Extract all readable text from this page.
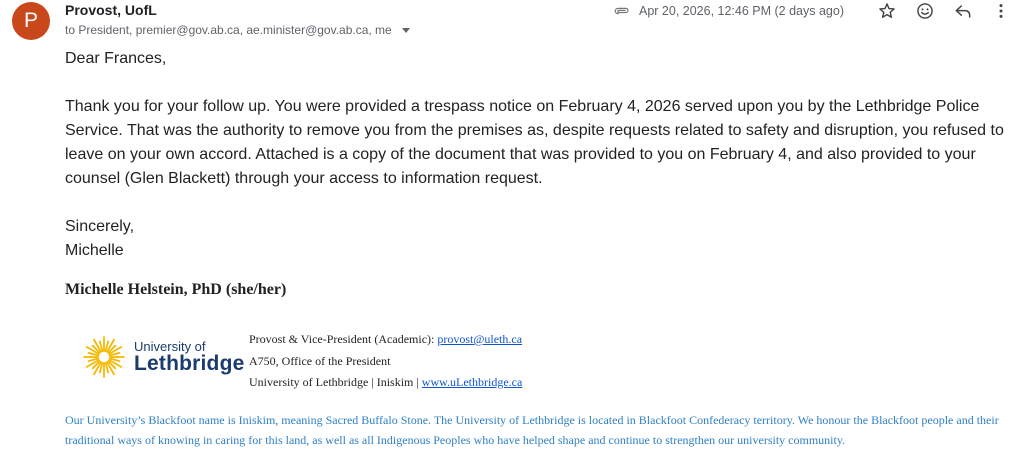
P Provost, UofL
to President, premier@gov.ab.ca, ae.minister@gov.ab.ca, me
Apr 20, 2026, 12:46 PM (2 days ago)

Dear Frances,

Thank you for your follow up. You were provided a trespass notice on February 4, 2026 served upon you by the Lethbridge Police Service. That was the authority to remove you from the premises as, despite requests related to safety and disruption, you refused to leave on your own accord. Attached is a copy of the document that was provided to you on February 4, and also provided to your counsel (Glen Blackett) through your access to information request.

Sincerely,

Michelle

Michelle Helstein, PhD (she/her)
University of
Lethbridge
Provost & Vice-President (Academic): provost@uleth.ca
A750, Office of the President
University of Lethbridge | Iniskim | www.uLethbridge.ca
Our University’s Blackfoot name is Iniskim, meaning Sacred Buffalo Stone. The University of Lethbridge is located in Blackfoot Confederacy territory. We honour the Blackfoot people and their traditional ways of knowing in caring for this land, as well as all Indigenous Peoples who have helped shape and continue to strengthen our university community.
